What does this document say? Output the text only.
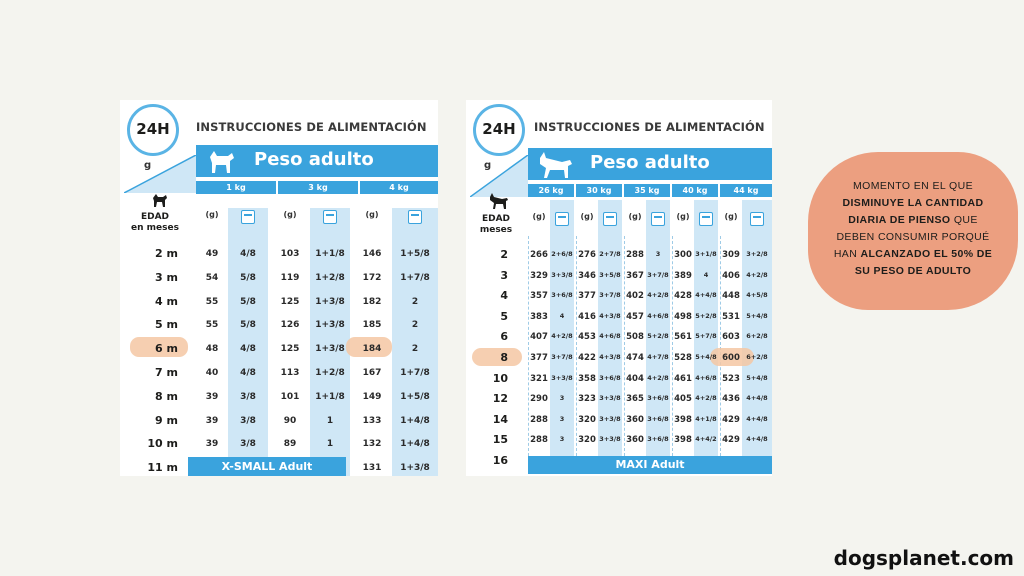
24H	INSTRUCCIONES DE ALIMENTACIÓN
Peso adulto
1 kg	3 kg	4 kg
g
EDAD
en meses
X-SMALL Adult
(g)	(g)	(g)
2 m	49	4/8	103	1+1/8	146	1+5/8
3 m	54	5/8	119	1+2/8	172	1+7/8
4 m	55	5/8	125	1+3/8	182	2
5 m	55	5/8	126	1+3/8	185	2
6 m	48	4/8	125	1+3/8	184	2
7 m	40	4/8	113	1+2/8	167	1+7/8
8 m	39	3/8	101	1+1/8	149	1+5/8
9 m	39	3/8	90	1	133	1+4/8
10 m	39	3/8	89	1	132	1+4/8
11 m	131	1+3/8
24H	INSTRUCCIONES DE ALIMENTACIÓN
Peso adulto
26 kg	30 kg	35 kg	40 kg	44 kg
g
EDAD
meses
MAXI Adult
(g)	(g)	(g)	(g)	(g)
2	266 2+6/8 276 2+7/8 288	3	300 3+1/8 309 3+2/8
3	329 3+3/8 346 3+5/8 367 3+7/8 389	4	406 4+2/8
4	357 3+6/8 377 3+7/8 402 4+2/8 428 4+4/8 448 4+5/8
5	383	4	416 4+3/8 457 4+6/8 498 5+2/8 531 5+4/8
6	407 4+2/8 453 4+6/8 508 5+2/8 561 5+7/8 603 6+2/8
8	377 3+7/8 422 4+3/8 474 4+7/8 528 5+4/8 600 6+2/8
10	321 3+3/8 358 3+6/8 404 4+2/8 461 4+6/8 523 5+4/8
12	290	3	323 3+3/8 365 3+6/8 405 4+2/8 436 4+4/8
14	288	3	320 3+3/8 360 3+6/8 398 4+1/8 429 4+4/8
15	288	3	320 3+3/8 360 3+6/8 398 4+4/2 429 4+4/8
16
MOMENTO EN EL QUE
DISMINUYE LA CANTIDAD
DIARIA DE PIENSO QUE
DEBEN CONSUMIR PORQUÉ
HAN ALCANZADO EL 50% DE
SU PESO DE ADULTO
dogsplanet.com
